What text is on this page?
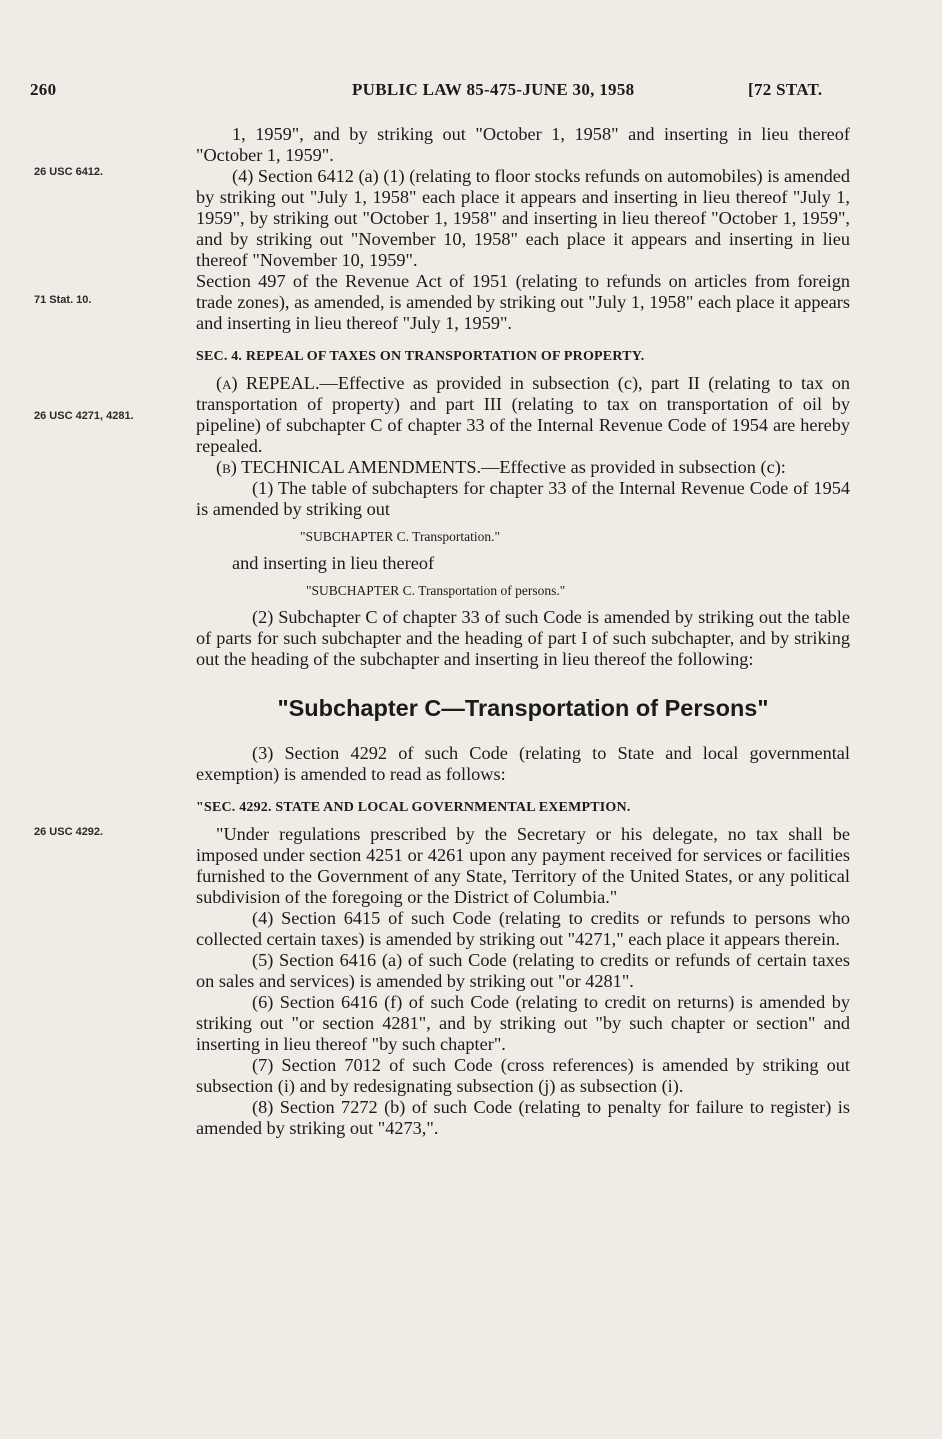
260	PUBLIC LAW 85-475-JUNE 30, 1958	[72 STAT.
26 USC 6412.
71 Stat. 10.
26 USC 4271, 4281.
26 USC 4292.

1, 1959", and by striking out "October 1, 1958" and inserting in lieu thereof "October 1, 1959".

(4) Section 6412 (a) (1) (relating to floor stocks refunds on automobiles) is amended by striking out "July 1, 1958" each place it appears and inserting in lieu thereof "July 1, 1959", by striking out "October 1, 1958" and inserting in lieu thereof "October 1, 1959", and by striking out "November 10, 1958" each place it appears and inserting in lieu thereof "November 10, 1959".

Section 497 of the Revenue Act of 1951 (relating to refunds on articles from foreign trade zones), as amended, is amended by striking out "July 1, 1958" each place it appears and inserting in lieu thereof "July 1, 1959".

SEC. 4. REPEAL OF TAXES ON TRANSPORTATION OF PROPERTY.

(a) REPEAL.—Effective as provided in subsection (c), part II (relating to tax on transportation of property) and part III (relating to tax on transportation of oil by pipeline) of subchapter C of chapter 33 of the Internal Revenue Code of 1954 are hereby repealed.

(b) TECHNICAL AMENDMENTS.—Effective as provided in subsection (c):

(1) The table of subchapters for chapter 33 of the Internal Revenue Code of 1954 is amended by striking out

"SUBCHAPTER C. Transportation."

and inserting in lieu thereof

"SUBCHAPTER C. Transportation of persons."

(2) Subchapter C of chapter 33 of such Code is amended by striking out the table of parts for such subchapter and the heading of part I of such subchapter, and by striking out the heading of the subchapter and inserting in lieu thereof the following:

"Subchapter C—Transportation of Persons"

(3) Section 4292 of such Code (relating to State and local governmental exemption) is amended to read as follows:

"SEC. 4292. STATE AND LOCAL GOVERNMENTAL EXEMPTION.

"Under regulations prescribed by the Secretary or his delegate, no tax shall be imposed under section 4251 or 4261 upon any payment received for services or facilities furnished to the Government of any State, Territory of the United States, or any political subdivision of the foregoing or the District of Columbia."

(4) Section 6415 of such Code (relating to credits or refunds to persons who collected certain taxes) is amended by striking out "4271," each place it appears therein.

(5) Section 6416 (a) of such Code (relating to credits or refunds of certain taxes on sales and services) is amended by striking out "or 4281".

(6) Section 6416 (f) of such Code (relating to credit on returns) is amended by striking out "or section 4281", and by striking out "by such chapter or section" and inserting in lieu thereof "by such chapter".

(7) Section 7012 of such Code (cross references) is amended by striking out subsection (i) and by redesignating subsection (j) as subsection (i).

(8) Section 7272 (b) of such Code (relating to penalty for failure to register) is amended by striking out "4273,".
